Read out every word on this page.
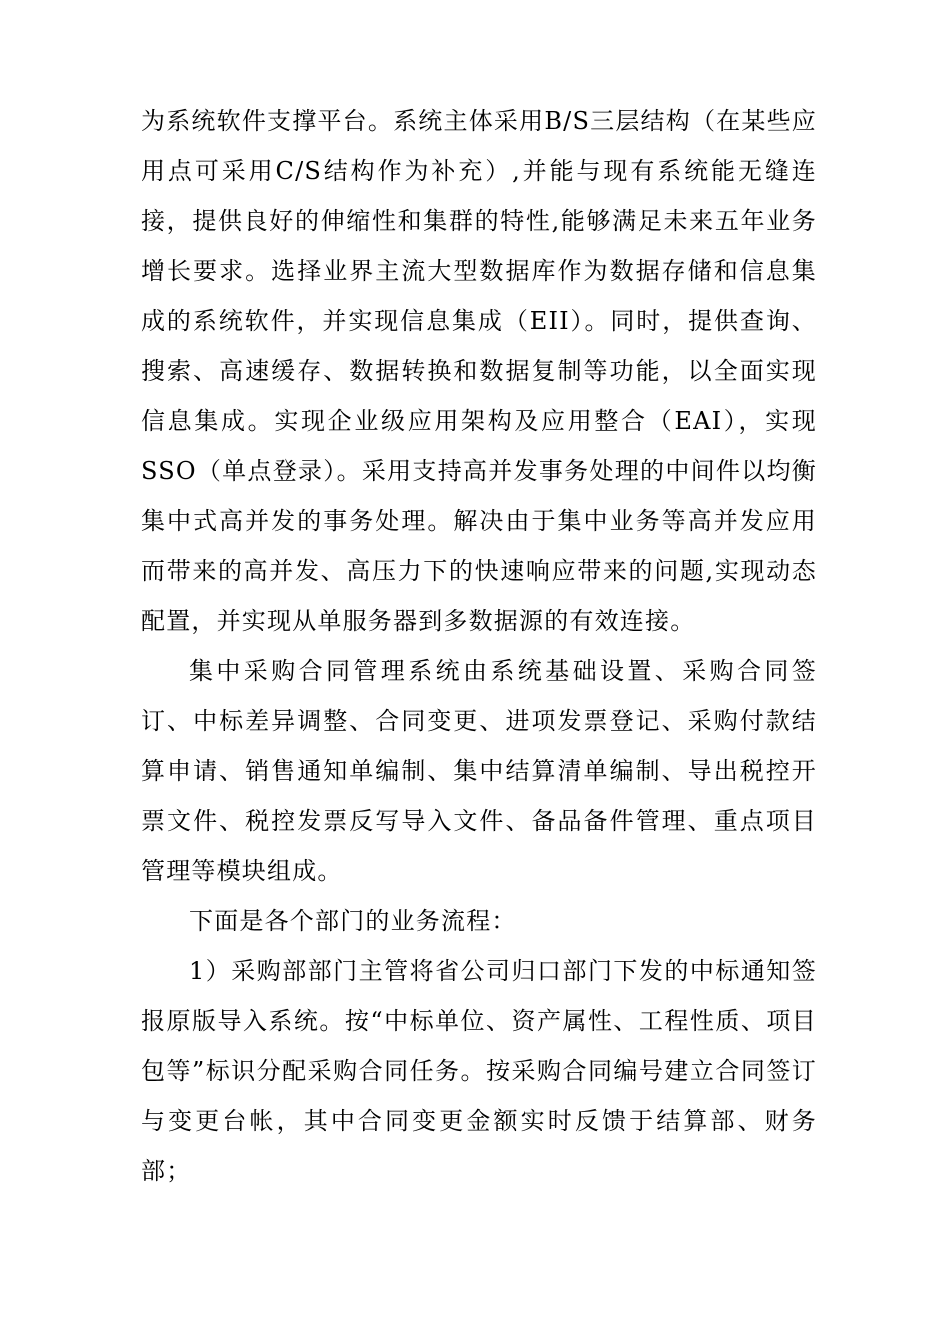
为系统软件支撑平台。系统主体采用B/S三层结构（在某些应用点可采用C/S结构作为补充）,并能与现有系统能无缝连接，提供良好的伸缩性和集群的特性,能够满足未来五年业务增长要求。选择业界主流大型数据库作为数据存储和信息集成的系统软件，并实现信息集成（EII）。同时，提供查询、搜索、高速缓存、数据转换和数据复制等功能，以全面实现信息集成。实现企业级应用架构及应用整合（EAI），实现SSO（单点登录）。采用支持高并发事务处理的中间件以均衡集中式高并发的事务处理。解决由于集中业务等高并发应用而带来的高并发、高压力下的快速响应带来的问题,实现动态配置，并实现从单服务器到多数据源的有效连接。

集中采购合同管理系统由系统基础设置、采购合同签订、中标差异调整、合同变更、进项发票登记、采购付款结算申请、销售通知单编制、集中结算清单编制、导出税控开票文件、税控发票反写导入文件、备品备件管理、重点项目管理等模块组成。

下面是各个部门的业务流程：

1）采购部部门主管将省公司归口部门下发的中标通知签报原版导入系统。按“中标单位、资产属性、工程性质、项目包等”标识分配采购合同任务。按采购合同编号建立合同签订与变更台帐，其中合同变更金额实时反馈于结算部、财务部；
